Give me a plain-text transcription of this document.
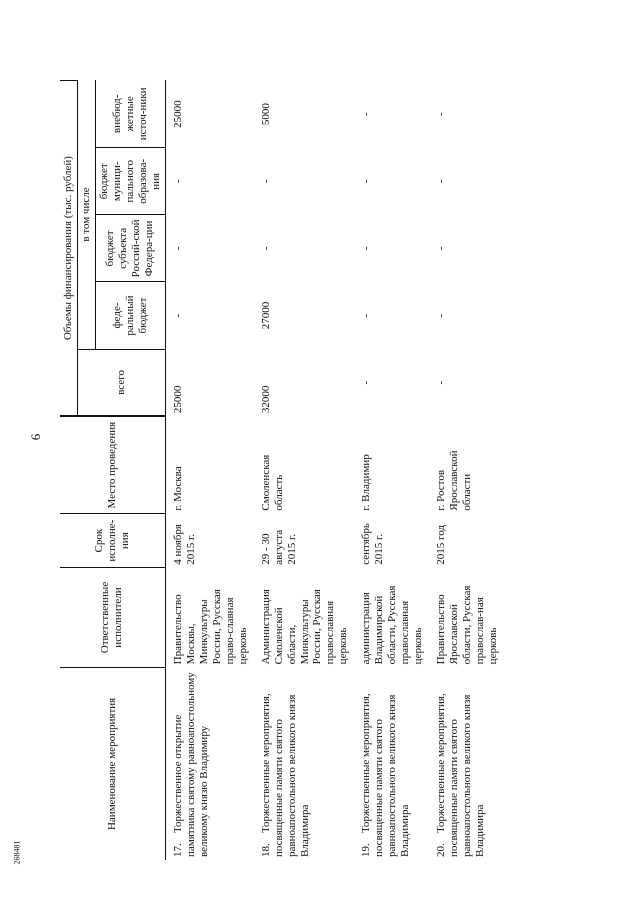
6
268481
Наименование мероприятия	Ответственные исполнители	Срок исполне-ния	Место проведения	Объемы финансирования (тыс. рублей)				
				всего	в том числе			
					феде-ральный бюджет	бюджет субъекта Россий-ской Федера-ции	бюджет муници-пального образова-ния	внебюд-жетные источ-ники
17.Торжественное открытие памятника святому равноапостольному великому князю Владимиру	Правительство Москвы, Минкультуры России, Русская право-славная церковь	4 ноября 2015 г.	г. Москва	25000	-	-	-	25000
18.Торжественные мероприятия, посвященные памяти святого равноапостольного великого князя Владимира	Администрация Смоленской области, Минкультуры России, Русская православная церковь	29 - 30 августа 2015 г.	Смоленская область	32000	27000	-	-	5000
19.Торжественные мероприятия, посвященные памяти святого равноапостольного великого князя Владимира	администрация Владимирской области, Русская православная церковь	сентябрь 2015 г.	г. Владимир	-	-	-	-	-
20.Торжественные мероприятия, посвященные памяти святого равноапостольного великого князя Владимира	Правительство Ярославской области, Русская православ-ная церковь	2015 год	г. Ростов Ярославской области	-	-	-	-	-
